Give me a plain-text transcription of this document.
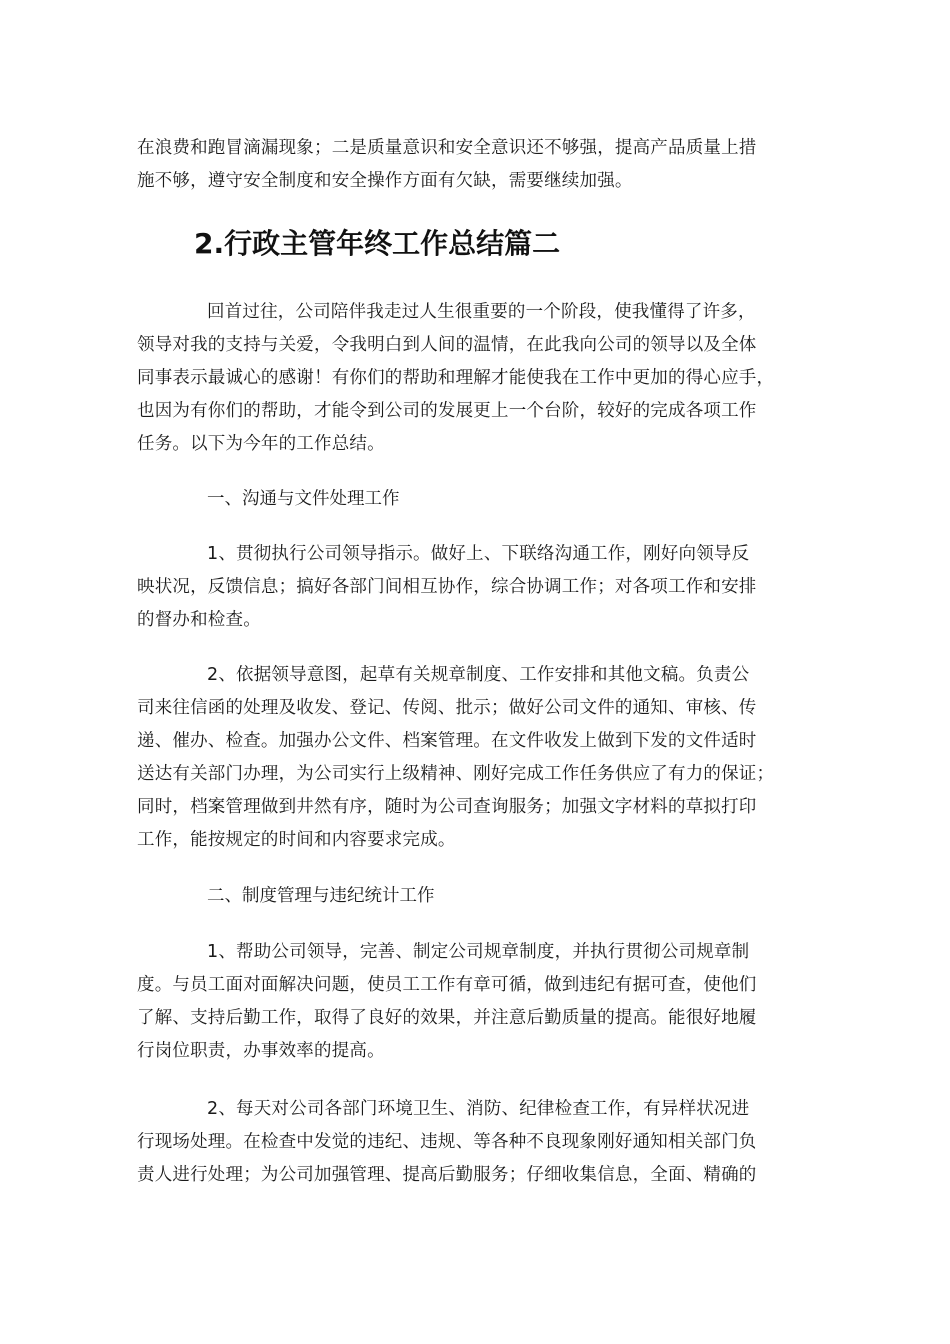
在浪费和跑冒滴漏现象；二是质量意识和安全意识还不够强，提高产品质量上措
施不够，遵守安全制度和安全操作方面有欠缺，需要继续加强。

2.行政主管年终工作总结篇二

回首过往，公司陪伴我走过人生很重要的一个阶段，使我懂得了许多，
领导对我的支持与关爱，令我明白到人间的温情，在此我向公司的领导以及全体
同事表示最诚心的感谢！有你们的帮助和理解才能使我在工作中更加的得心应手，
也因为有你们的帮助，才能令到公司的发展更上一个台阶，较好的完成各项工作
任务。以下为今年的工作总结。

一、沟通与文件处理工作

1、贯彻执行公司领导指示。做好上、下联络沟通工作，刚好向领导反
映状况，反馈信息；搞好各部门间相互协作，综合协调工作；对各项工作和安排
的督办和检查。

2、依据领导意图，起草有关规章制度、工作安排和其他文稿。负责公
司来往信函的处理及收发、登记、传阅、批示；做好公司文件的通知、审核、传
递、催办、检查。加强办公文件、档案管理。在文件收发上做到下发的文件适时
送达有关部门办理，为公司实行上级精神、刚好完成工作任务供应了有力的保证；
同时，档案管理做到井然有序，随时为公司查询服务；加强文字材料的草拟打印
工作，能按规定的时间和内容要求完成。

二、制度管理与违纪统计工作

1、帮助公司领导，完善、制定公司规章制度，并执行贯彻公司规章制
度。与员工面对面解决问题，使员工工作有章可循，做到违纪有据可查，使他们
了解、支持后勤工作，取得了良好的效果，并注意后勤质量的提高。能很好地履
行岗位职责，办事效率的提高。

2、每天对公司各部门环境卫生、消防、纪律检查工作，有异样状况进
行现场处理。在检查中发觉的违纪、违规、等各种不良现象刚好通知相关部门负
责人进行处理；为公司加强管理、提高后勤服务；仔细收集信息，全面、精确的
